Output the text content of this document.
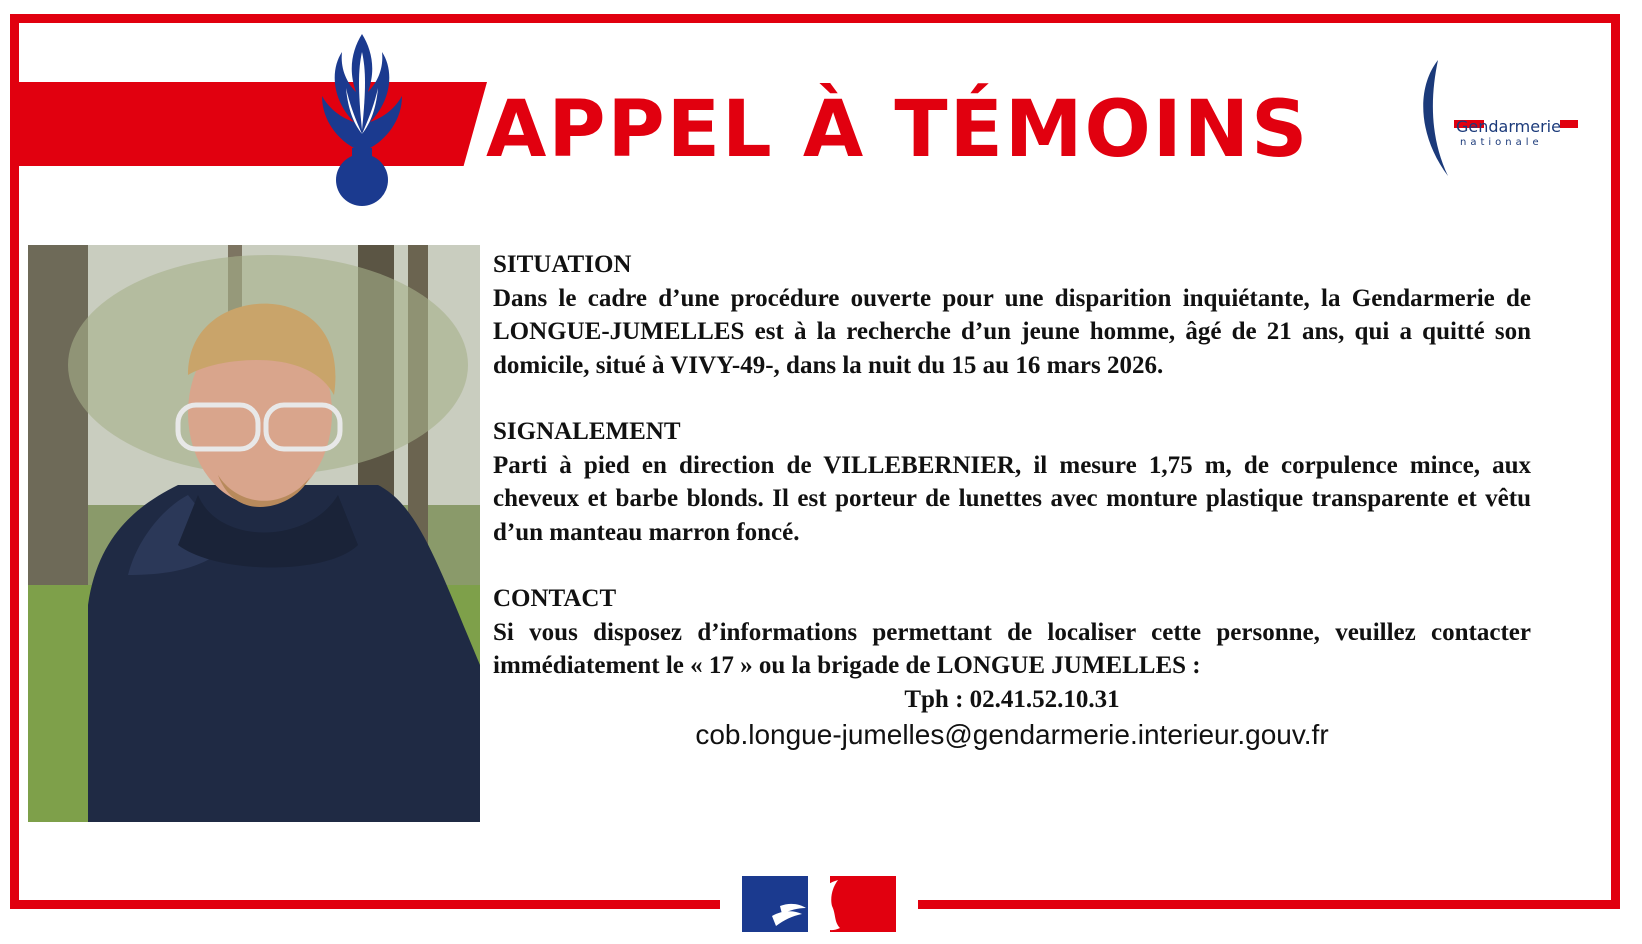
APPEL À TÉMOINS	Gendarmerie
nationale
SITUATION
Dans le cadre d’une procédure ouverte pour une disparition inquiétante, la Gendarmerie de LONGUE-JUMELLES est à la recherche d’un jeune homme, âgé de 21 ans, qui a quitté son domicile, situé à VIVY-49-, dans la nuit du 15 au 16 mars 2026.
SIGNALEMENT
Parti à pied en direction de VILLEBERNIER, il mesure 1,75 m, de corpulence mince, aux cheveux et barbe blonds. Il est porteur de lunettes avec monture plastique transparente et vêtu d’un manteau marron foncé.
CONTACT
Si vous disposez d’informations permettant de localiser cette personne, veuillez contacter immédiatement le « 17 » ou la brigade de LONGUE JUMELLES :
Tph : 02.41.52.10.31
cob.longue-jumelles@gendarmerie.interieur.gouv.fr
